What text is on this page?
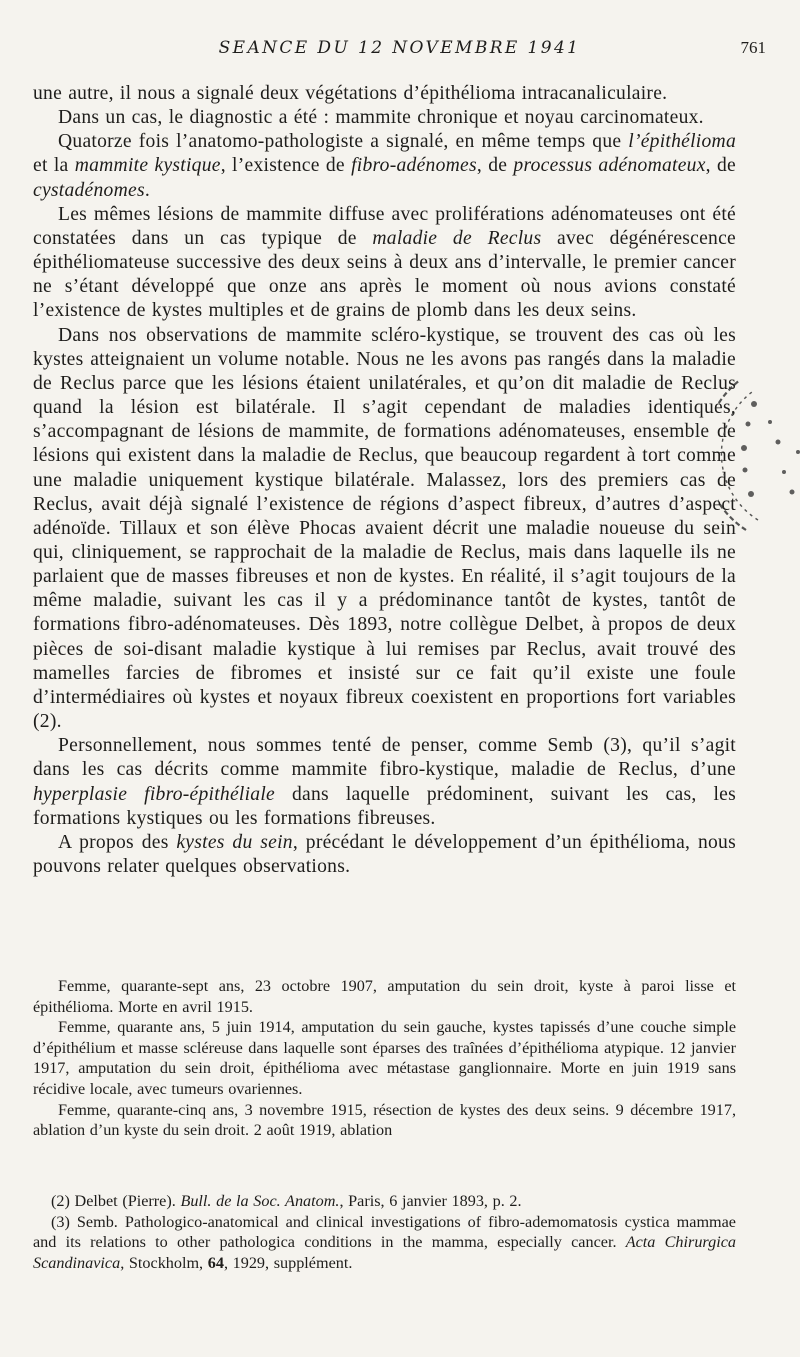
SEANCE DU 12 NOVEMBRE 1941	761

une autre, il nous a signalé deux végétations d’épithélioma intracanaliculaire.

Dans un cas, le diagnostic a été : mammite chronique et noyau carcinomateux.

Quatorze fois l’anatomo-pathologiste a signalé, en même temps que l’épithélioma et la mammite kystique, l’existence de fibro-adénomes, de processus adénomateux, de cystadénomes.

Les mêmes lésions de mammite diffuse avec proliférations adénomateuses ont été constatées dans un cas typique de maladie de Reclus avec dégénérescence épithéliomateuse successive des deux seins à deux ans d’intervalle, le premier cancer ne s’étant développé que onze ans après le moment où nous avions constaté l’existence de kystes multiples et de grains de plomb dans les deux seins.

Dans nos observations de mammite scléro-kystique, se trouvent des cas où les kystes atteignaient un volume notable. Nous ne les avons pas rangés dans la maladie de Reclus parce que les lésions étaient unilatérales, et qu’on dit maladie de Reclus quand la lésion est bilatérale. Il s’agit cependant de maladies identiques, s’accompagnant de lésions de mammite, de formations adénomateuses, ensemble de lésions qui existent dans la maladie de Reclus, que beaucoup regardent à tort comme une maladie uniquement kystique bilatérale. Malassez, lors des premiers cas de Reclus, avait déjà signalé l’existence de régions d’aspect fibreux, d’autres d’aspect adénoïde. Tillaux et son élève Phocas avaient décrit une maladie noueuse du sein qui, cliniquement, se rapprochait de la maladie de Reclus, mais dans laquelle ils ne parlaient que de masses fibreuses et non de kystes. En réalité, il s’agit toujours de la même maladie, suivant les cas il y a prédominance tantôt de kystes, tantôt de formations fibro-adénomateuses. Dès 1893, notre collègue Delbet, à propos de deux pièces de soi-disant maladie kystique à lui remises par Reclus, avait trouvé des mamelles farcies de fibromes et insisté sur ce fait qu’il existe une foule d’intermédiaires où kystes et noyaux fibreux coexistent en proportions fort variables (2).

Personnellement, nous sommes tenté de penser, comme Semb (3), qu’il s’agit dans les cas décrits comme mammite fibro-kystique, maladie de Reclus, d’une hyperplasie fibro-épithéliale dans laquelle prédominent, suivant les cas, les formations kystiques ou les formations fibreuses.

A propos des kystes du sein, précédant le développement d’un épithélioma, nous pouvons relater quelques observations.

Femme, quarante-sept ans, 23 octobre 1907, amputation du sein droit, kyste à paroi lisse et épithélioma. Morte en avril 1915.

Femme, quarante ans, 5 juin 1914, amputation du sein gauche, kystes tapissés d’une couche simple d’épithélium et masse scléreuse dans laquelle sont éparses des traînées d’épithélioma atypique. 12 janvier 1917, amputation du sein droit, épithélioma avec métastase ganglionnaire. Morte en juin 1919 sans récidive locale, avec tumeurs ovariennes.

Femme, quarante-cinq ans, 3 novembre 1915, résection de kystes des deux seins. 9 décembre 1917, ablation d’un kyste du sein droit. 2 août 1919, ablation

(2) Delbet (Pierre). Bull. de la Soc. Anatom., Paris, 6 janvier 1893, p. 2.

(3) Semb. Pathologico-anatomical and clinical investigations of fibro-ademomatosis cystica mammae and its relations to other pathologica conditions in the mamma, especially cancer. Acta Chirurgica Scandinavica, Stockholm, 64, 1929, supplément.
